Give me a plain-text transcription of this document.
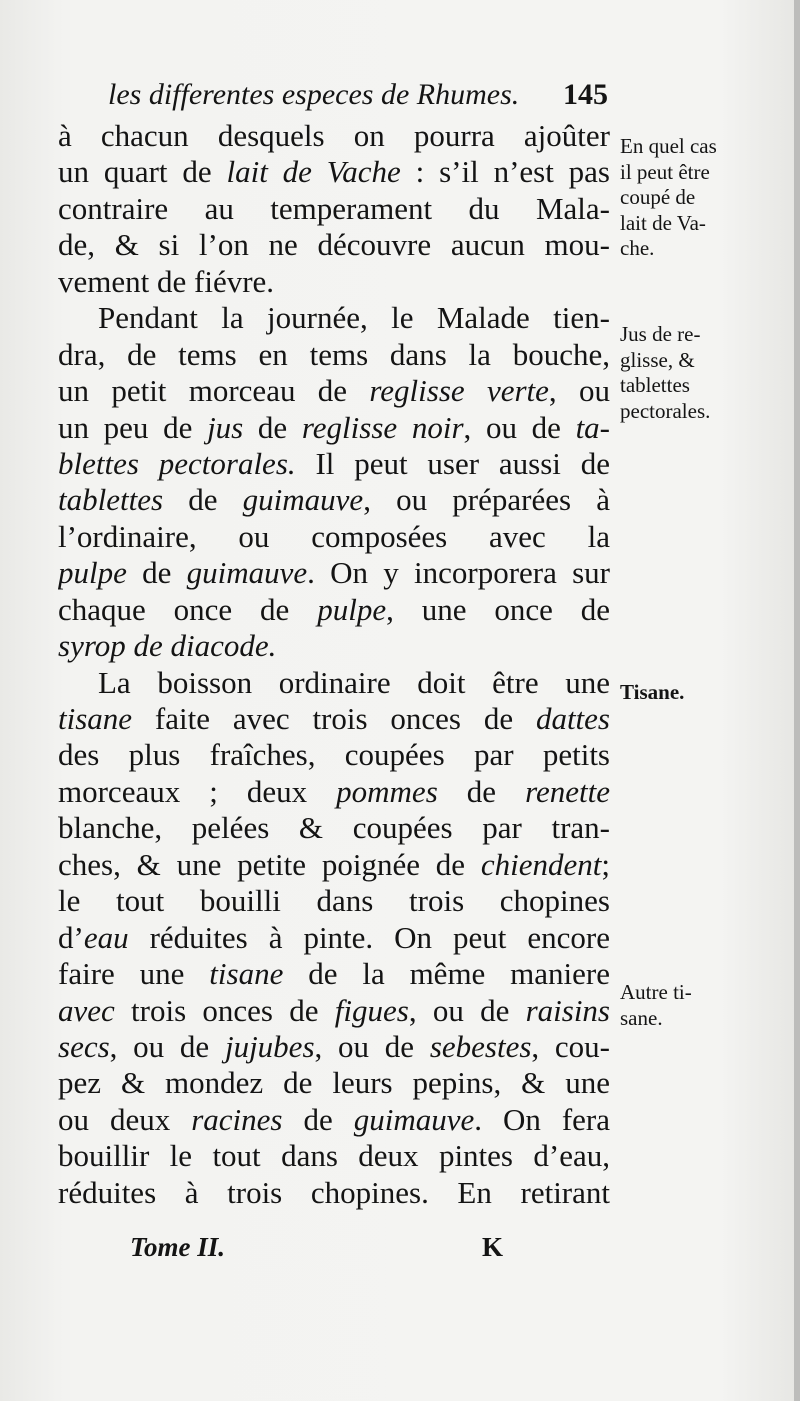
les differentes especes de Rhumes. 145
à chacun desquels on pourra ajoûter
un quart de lait de Vache : s’il n’est pas
contraire au temperament du Mala-
de, & si l’on ne découvre aucun mou-
vement de fiévre.
Pendant la journée, le Malade tien-
dra, de tems en tems dans la bouche,
un petit morceau de reglisse verte, ou
un peu de jus de reglisse noir, ou de ta-
blettes pectorales. Il peut user aussi de
tablettes de guimauve, ou préparées à
l’ordinaire, ou composées avec la
pulpe de guimauve. On y incorporera sur
chaque once de pulpe, une once de
syrop de diacode.
La boisson ordinaire doit être une
tisane faite avec trois onces de dattes
des plus fraîches, coupées par petits
morceaux ; deux pommes de renette
blanche, pelées & coupées par tran-
ches, & une petite poignée de chiendent;
le tout bouilli dans trois chopines
d’eau réduites à pinte. On peut encore
faire une tisane de la même maniere
avec trois onces de figues, ou de raisins
secs, ou de jujubes, ou de sebestes, cou-
pez & mondez de leurs pepins, & une
ou deux racines de guimauve. On fera
bouillir le tout dans deux pintes d’eau,
réduites à trois chopines. En retirant
En quel cas
il peut être
coupé de
lait de Va-
che.
Jus de re-
glisse, &
tablettes
pectorales.
Tisane.
Autre ti-
sane.
Tome II.	K
